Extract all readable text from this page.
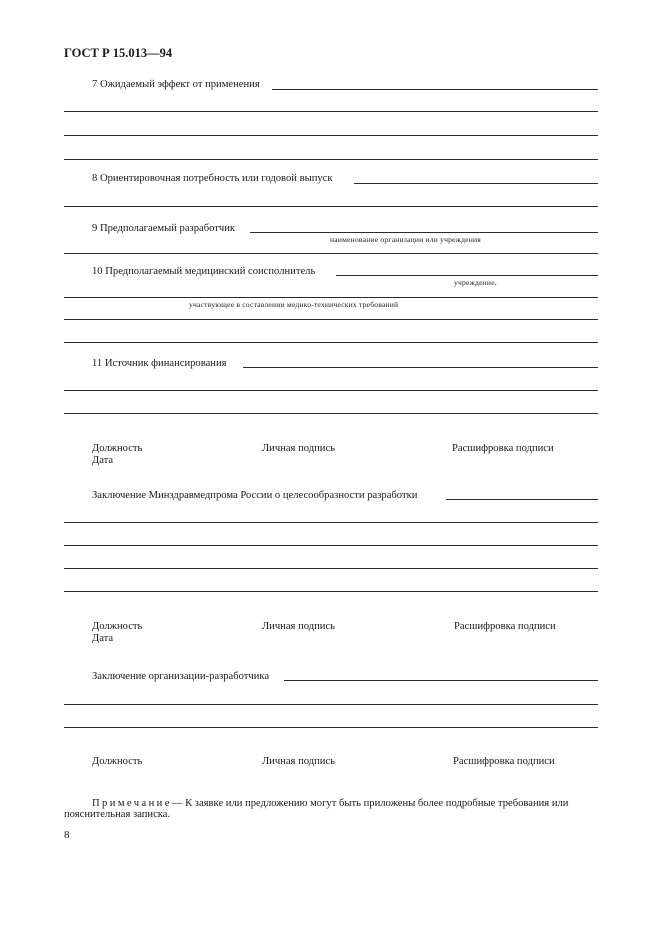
ГОСТ Р 15.013—94
7 Ожидаемый эффект от применения
8 Ориентировочная потребность или годовой выпуск
9 Предполагаемый разработчик
наименование организации или учреждения
10 Предполагаемый медицинский соисполнитель
учреждение,
участвующее в составлении медико-технических требований
11 Источник финансирования
Должность	Личная подпись	Расшифровка подписи
Дата
Заключение Минздравмедпрома России о целесообразности разработки
Должность	Личная подпись	Расшифровка подписи
Дата
Заключение организации-разработчика
Должность	Личная подпись	Расшифровка подписи
Примечание— К заявке или предложению могут быть приложены более подробные требования или
пояснительная записка.
8
